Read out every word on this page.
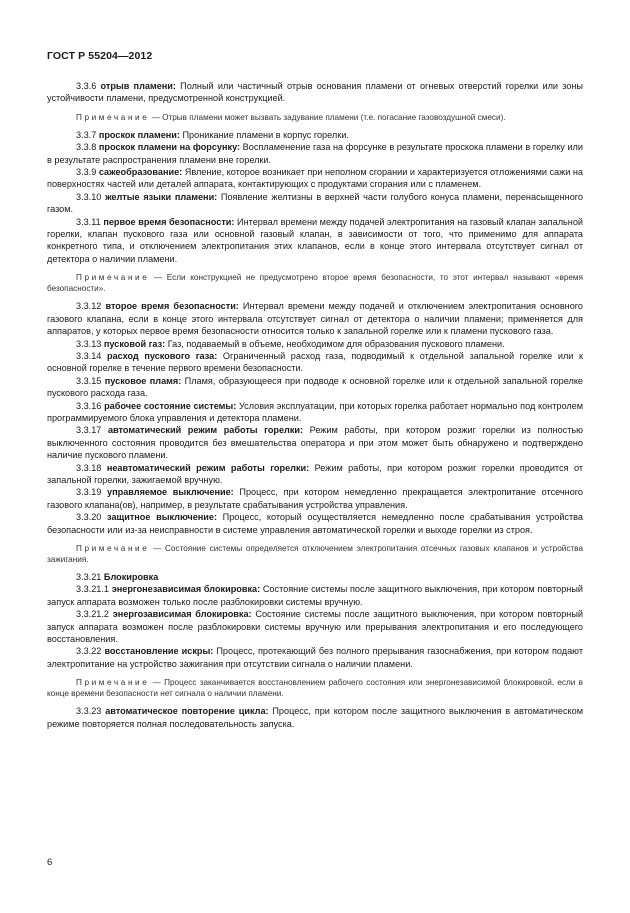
ГОСТ Р 55204—2012

3.3.6 отрыв пламени: Полный или частичный отрыв основания пламени от огневых отверстий горелки или зоны устойчивости пламени, предусмотренной конструкцией.

Примечание — Отрыв пламени может вызвать задувание пламени (т.е. погасание газовоздушной смеси).

3.3.7 проскок пламени: Проникание пламени в корпус горелки.

3.3.8 проскок пламени на форсунку: Воспламенение газа на форсунке в результате проскока пламени в горелку или в результате распространения пламени вне горелки.

3.3.9 сажеобразование: Явление, которое возникает при неполном сгорании и характеризуется отложениями сажи на поверхностях частей или деталей аппарата, контактирующих с продуктами сгорания или с пламенем.

3.3.10 желтые языки пламени: Появление желтизны в верхней части голубого конуса пламени, перенасыщенного газом.

3.3.11 первое время безопасности: Интервал времени между подачей электропитания на газовый клапан запальной горелки, клапан пускового газа или основной газовый клапан, в зависимости от того, что применимо для аппарата конкретного типа, и отключением электропитания этих клапанов, если в конце этого интервала отсутствует сигнал от детектора о наличии пламени.

Примечание — Если конструкцией не предусмотрено второе время безопасности, то этот интервал называют «время безопасности».

3.3.12 второе время безопасности: Интервал времени между подачей и отключением электропитания основного газового клапана, если в конце этого интервала отсутствует сигнал от детектора о наличии пламени; применяется для аппаратов, у которых первое время безопасности относится только к запальной горелке или к пламени пускового газа.

3.3.13 пусковой газ: Газ, подаваемый в объеме, необходимом для образования пускового пламени.

3.3.14 расход пускового газа: Ограниченный расход газа, подводимый к отдельной запальной горелке или к основной горелке в течение первого времени безопасности.

3.3.15 пусковое пламя: Пламя, образующееся при подводе к основной горелке или к отдельной запальной горелке пускового расхода газа.

3.3.16 рабочее состояние системы: Условия эксплуатации, при которых горелка работает нормально под контролем программируемого блока управления и детектора пламени.

3.3.17 автоматический режим работы горелки: Режим работы, при котором розжиг горелки из полностью выключенного состояния проводится без вмешательства оператора и при этом может быть обнаружено и подтверждено наличие пускового пламени.

3.3.18 неавтоматический режим работы горелки: Режим работы, при котором розжиг горелки проводится от запальной горелки, зажигаемой вручную.

3.3.19 управляемое выключение: Процесс, при котором немедленно прекращается электропитание отсечного газового клапана(ов), например, в результате срабатывания устройства управления.

3.3.20 защитное выключение: Процесс, который осуществляется немедленно после срабатывания устройства безопасности или из-за неисправности в системе управления автоматической горелки и выходе горелки из строя.

Примечание — Состояние системы определяется отключением электропитания отсечных газовых клапанов и устройства зажигания.

3.3.21 Блокировка

3.3.21.1 энергонезависимая блокировка: Состояние системы после защитного выключения, при котором повторный запуск аппарата возможен только после разблокировки системы вручную.

3.3.21.2 энергозависимая блокировка: Состояние системы после защитного выключения, при котором повторный запуск аппарата возможен после разблокировки системы вручную или прерывания электропитания и его последующего восстановления.

3.3.22 восстановление искры: Процесс, протекающий без полного прерывания газоснабжения, при котором подают электропитание на устройство зажигания при отсутствии сигнала о наличии пламени.

Примечание — Процесс заканчивается восстановлением рабочего состояния или энергонезависимой блокировкой, если в конце времени безопасности нет сигнала о наличии пламени.

3.3.23 автоматическое повторение цикла: Процесс, при котором после защитного выключения в автоматическом режиме повторяется полная последовательность запуска.

6
